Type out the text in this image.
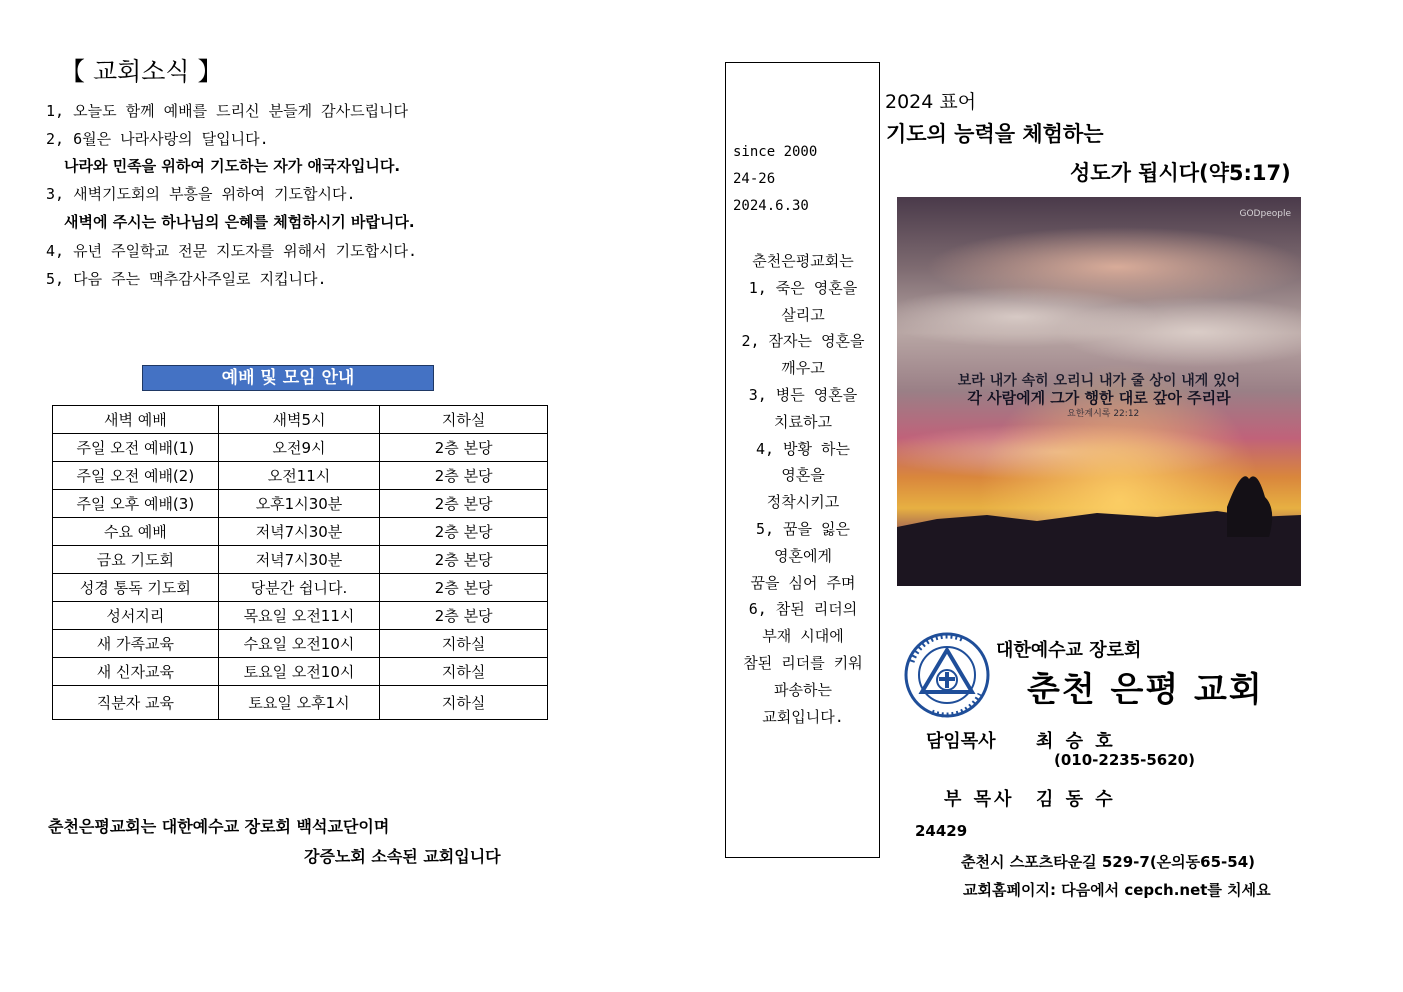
【 교회소식 】
1, 오늘도 함께 예배를 드리신 분들게 감사드립니다
2, 6월은 나라사랑의 달입니다.
나라와 민족을 위하여 기도하는 자가 애국자입니다.
3, 새벽기도회의 부흥을 위하여 기도합시다.
새벽에 주시는 하나님의 은혜를 체험하시기 바랍니다.
4, 유년 주일학교 전문 지도자를 위해서 기도합시다.
5, 다음 주는 맥추감사주일로 지킵니다.
예배 및 모임 안내
새벽 예배	새벽5시	지하실
주일 오전 예배(1)	오전9시	2층 본당
주일 오전 예배(2)	오전11시	2층 본당
주일 오후 예배(3)	오후1시30분	2층 본당
수요 예배	저녁7시30분	2층 본당
금요 기도회	저녁7시30분	2층 본당
성경 통독 기도회	당분간 쉽니다.	2층 본당
성서지리	목요일 오전11시	2층 본당
새 가족교육	수요일 오전10시	지하실
새 신자교육	토요일 오전10시	지하실
직분자 교육	토요일 오후1시	지하실
춘천은평교회는 대한예수교 장로회 백석교단이며
강증노회 소속된 교회입니다
since 2000
24-26
2024.6.30
춘천은평교회는
1, 죽은 영혼을
살리고
2, 잠자는 영혼을
깨우고
3, 병든 영혼을
치료하고
4, 방황 하는
영혼을
정착시키고
5, 꿈을 잃은
영혼에게
꿈을 심어 주며
6, 참된 리더의
부재 시대에
참된 리더를 키워
파송하는
교회입니다.
2024 표어
기도의 능력을 체험하는
성도가 됩시다(약5:17)
GODpeople
보라 내가 속히 오리니 내가 줄 상이 내게 있어
각 사람에게 그가 행한 대로 갚아 주리라
요한계시록 22:12
대한예수교 장로회
춘천 은평 교회
담임목사 최 승 호
(010-2235-5620)
부 목사 김 동 수
24429
춘천시 스포츠타운길 529-7(온의동65-54)
교회홈페이지: 다음에서 cepch.net를 치세요
